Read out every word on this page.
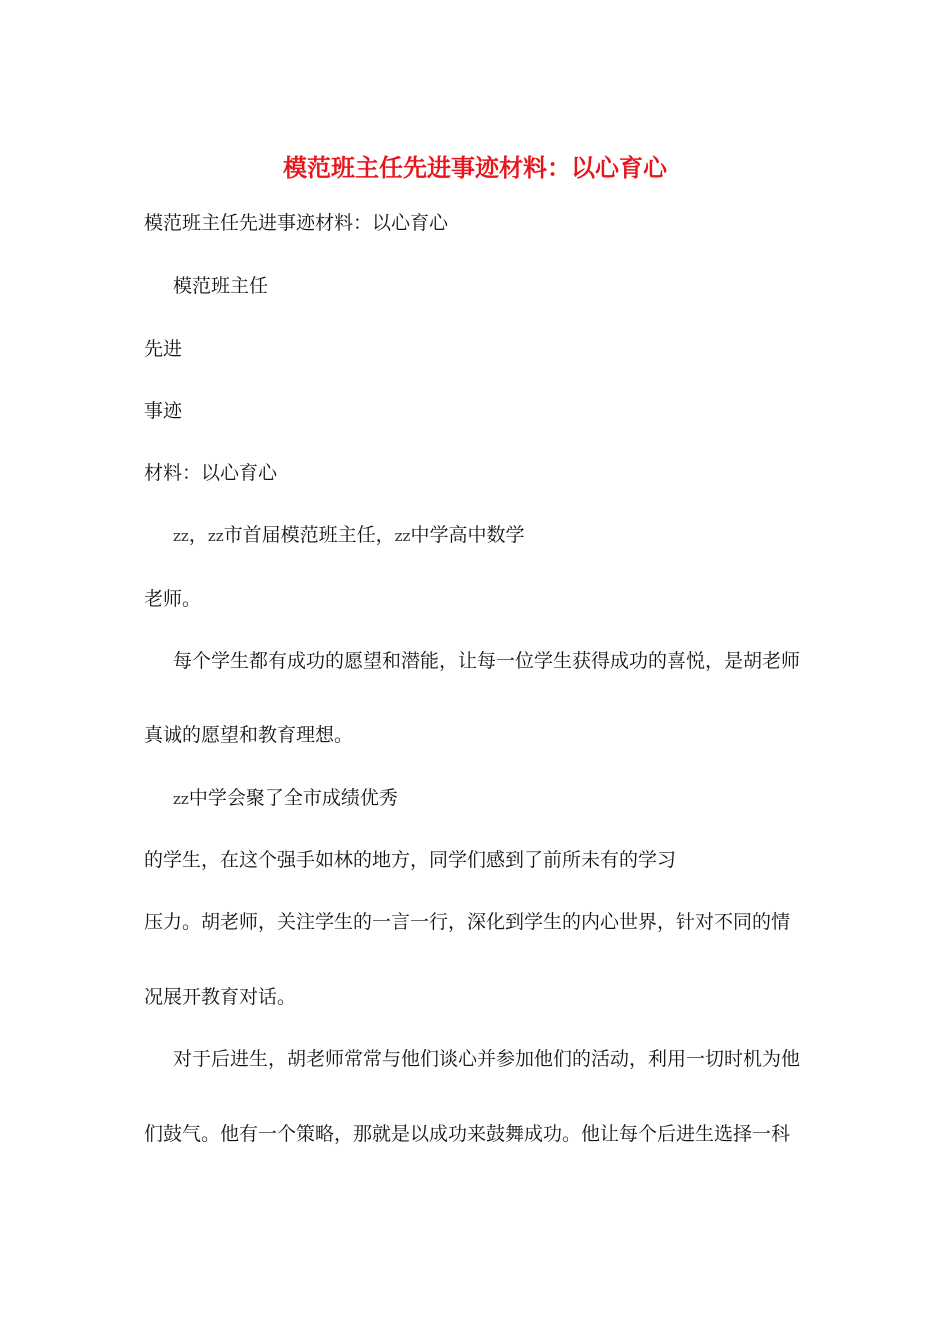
模范班主任先进事迹材料：以心育心
模范班主任先进事迹材料：以心育心
模范班主任
先进
事迹
材料：以心育心
zz，zz市首届模范班主任，zz中学高中数学
老师。
每个学生都有成功的愿望和潜能，让每一位学生获得成功的喜悦，是胡老师
真诚的愿望和教育理想。
zz中学会聚了全市成绩优秀
的学生，在这个强手如林的地方，同学们感到了前所未有的学习
压力。胡老师，关注学生的一言一行，深化到学生的内心世界，针对不同的情
况展开教育对话。
对于后进生，胡老师常常与他们谈心并参加他们的活动，利用一切时机为他
们鼓气。他有一个策略，那就是以成功来鼓舞成功。他让每个后进生选择一科
